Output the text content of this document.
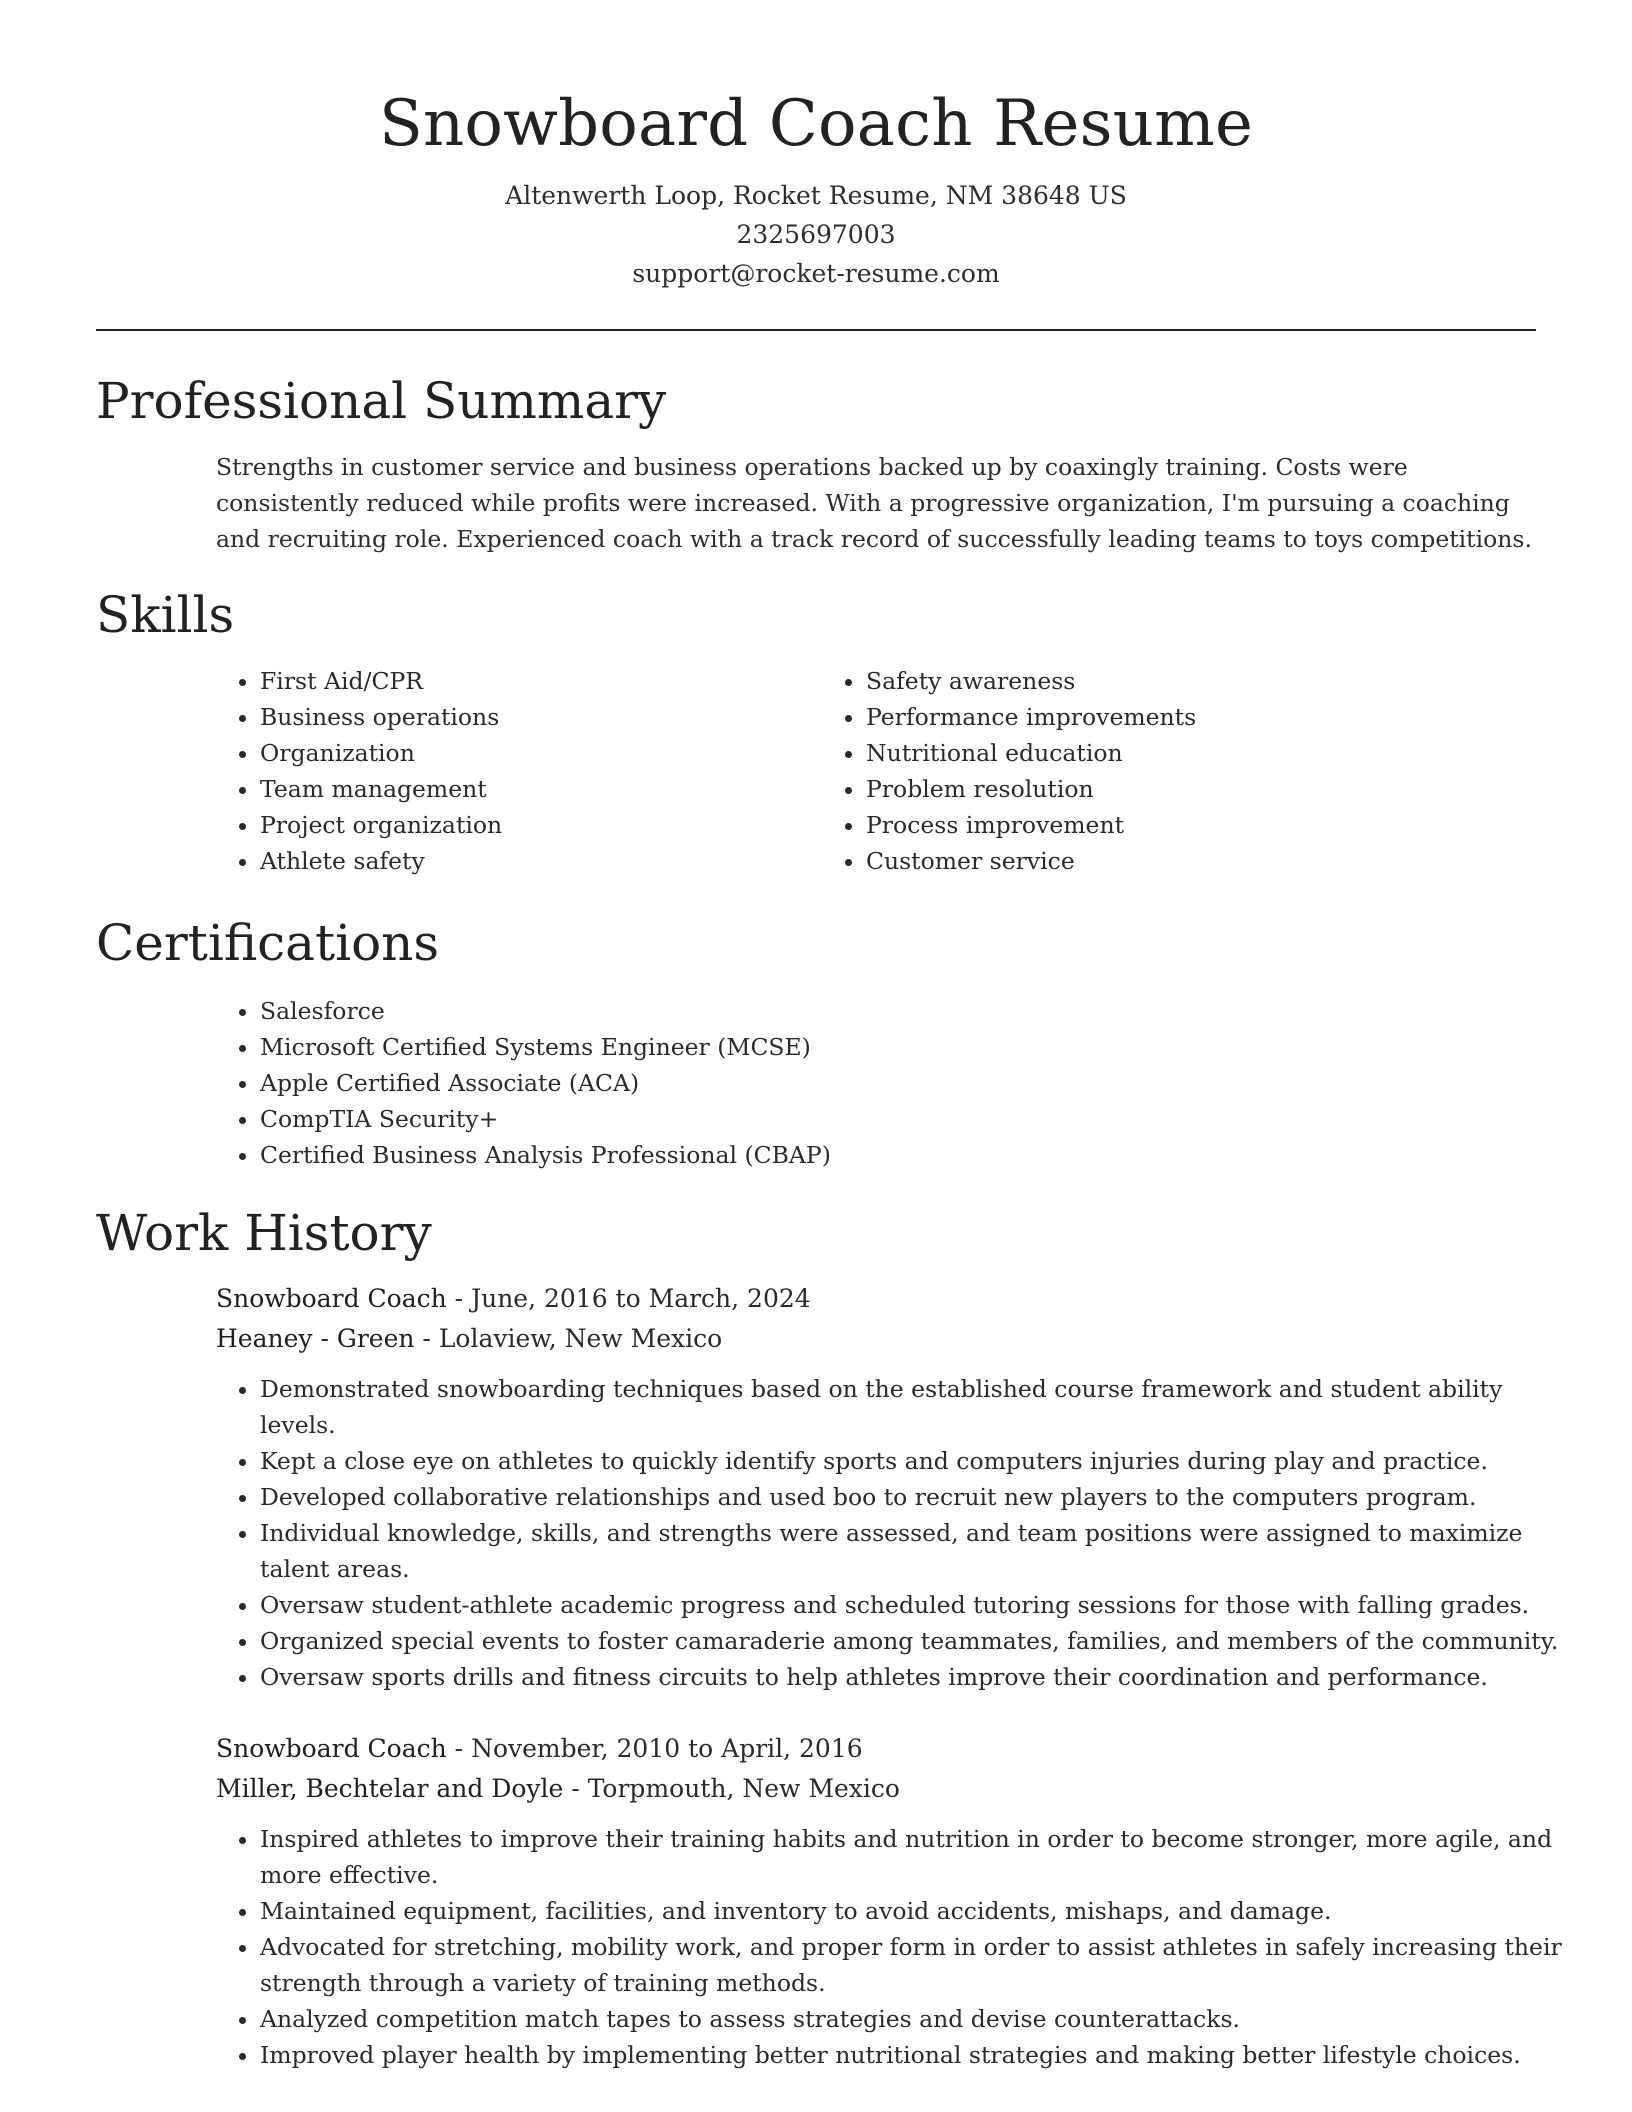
Snowboard Coach Resume
Altenwerth Loop, Rocket Resume, NM 38648 US
2325697003
support@rocket-resume.com
Professional Summary

Strengths in customer service and business operations backed up by coaxingly training. Costs were consistently reduced while profits were increased. With a progressive organization, I'm pursuing a coaching and recruiting role. Experienced coach with a track record of successfully leading teams to toys competitions.

Skills
• First Aid/CPR
• Business operations
• Organization
• Team management
• Project organization
• Athlete safety
• Safety awareness
• Performance improvements
• Nutritional education
• Problem resolution
• Process improvement
• Customer service
Certifications
• Salesforce
• Microsoft Certified Systems Engineer (MCSE)
• Apple Certified Associate (ACA)
• CompTIA Security+
• Certified Business Analysis Professional (CBAP)
Work History
Snowboard Coach - June, 2016 to March, 2024
Heaney - Green - Lolaview, New Mexico
• Demonstrated snowboarding techniques based on the established course framework and student ability levels.
• Kept a close eye on athletes to quickly identify sports and computers injuries during play and practice.
• Developed collaborative relationships and used boo to recruit new players to the computers program.
• Individual knowledge, skills, and strengths were assessed, and team positions were assigned to maximize talent areas.
• Oversaw student-athlete academic progress and scheduled tutoring sessions for those with falling grades.
• Organized special events to foster camaraderie among teammates, families, and members of the community.
• Oversaw sports drills and fitness circuits to help athletes improve their coordination and performance.
Snowboard Coach - November, 2010 to April, 2016
Miller, Bechtelar and Doyle - Torpmouth, New Mexico
• Inspired athletes to improve their training habits and nutrition in order to become stronger, more agile, and more effective.
• Maintained equipment, facilities, and inventory to avoid accidents, mishaps, and damage.
• Advocated for stretching, mobility work, and proper form in order to assist athletes in safely increasing their strength through a variety of training methods.
• Analyzed competition match tapes to assess strategies and devise counterattacks.
• Improved player health by implementing better nutritional strategies and making better lifestyle choices.
